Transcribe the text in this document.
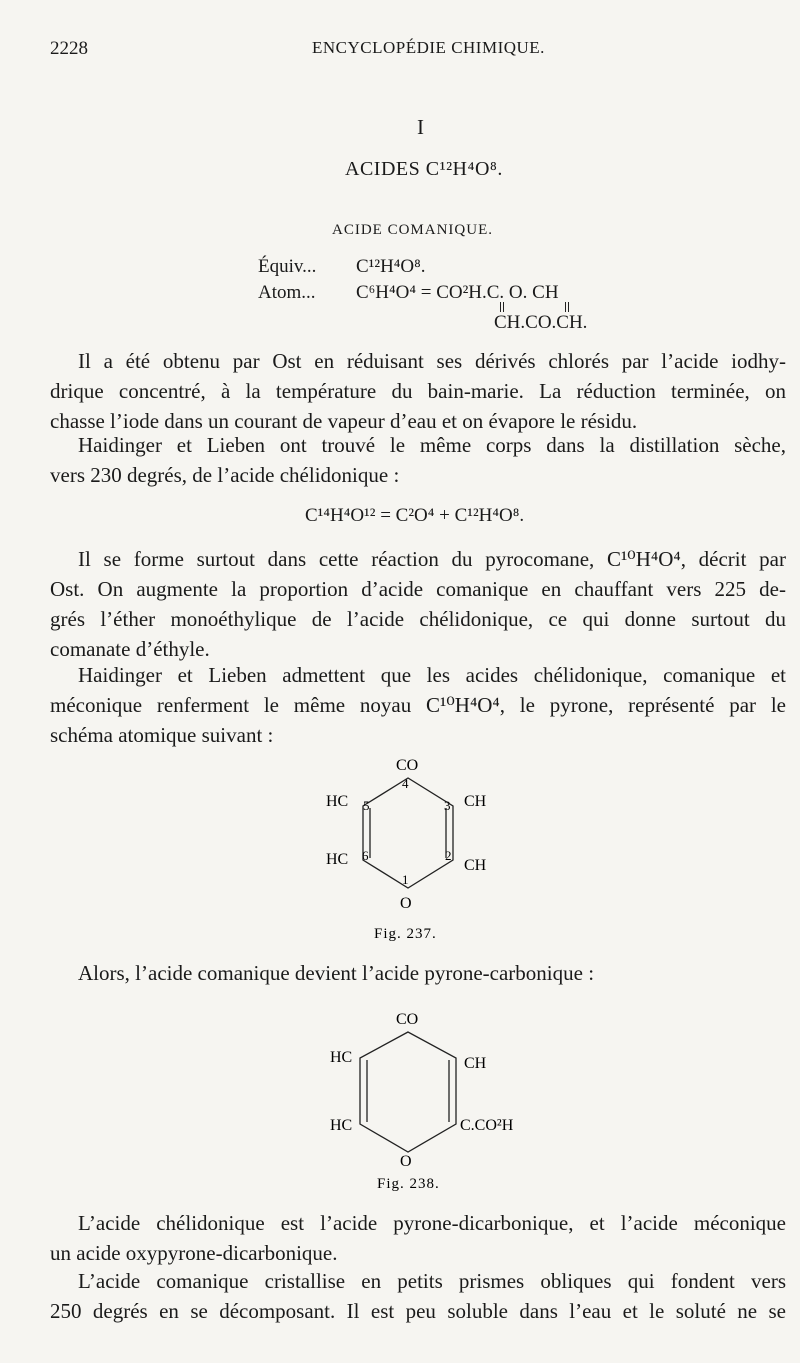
2228	ENCYCLOPÉDIE CHIMIQUE.
I
ACIDES C¹²H⁴O⁸.
ACIDE COMANIQUE.
Équiv... C¹²H⁴O⁸.
Atom... C⁶H⁴O⁴ = CO²H.C. O. CH
CH.CO.CH.
Il a été obtenu par Ost en réduisant ses dérivés chlorés par l’acide iodhy-
drique concentré, à la température du bain-marie. La réduction terminée, on
chasse l’iode dans un courant de vapeur d’eau et on évapore le résidu.
Haidinger et Lieben ont trouvé le même corps dans la distillation sèche,
vers 230 degrés, de l’acide chélidonique :
C¹⁴H⁴O¹² = C²O⁴ + C¹²H⁴O⁸.
Il se forme surtout dans cette réaction du pyrocomane, C¹⁰H⁴O⁴, décrit par
Ost. On augmente la proportion d’acide comanique en chauffant vers 225 de-
grés l’éther monoéthylique de l’acide chélidonique, ce qui donne surtout du
comanate d’éthyle.
Haidinger et Lieben admettent que les acides chélidonique, comanique et
méconique renferment le même noyau C¹⁰H⁴O⁴, le pyrone, représenté par le
schéma atomique suivant :
CO
4
HC 5	CH
3
HC 6
CH
2
1
O
Fig. 237.
Alors, l’acide comanique devient l’acide pyrone-carbonique :
CO
HC	CH
HC	C.CO²H
O
Fig. 238.
L’acide chélidonique est l’acide pyrone-dicarbonique, et l’acide méconique
un acide oxypyrone-dicarbonique.
L’acide comanique cristallise en petits prismes obliques qui fondent vers
250 degrés en se décomposant. Il est peu soluble dans l’eau et le soluté ne se
